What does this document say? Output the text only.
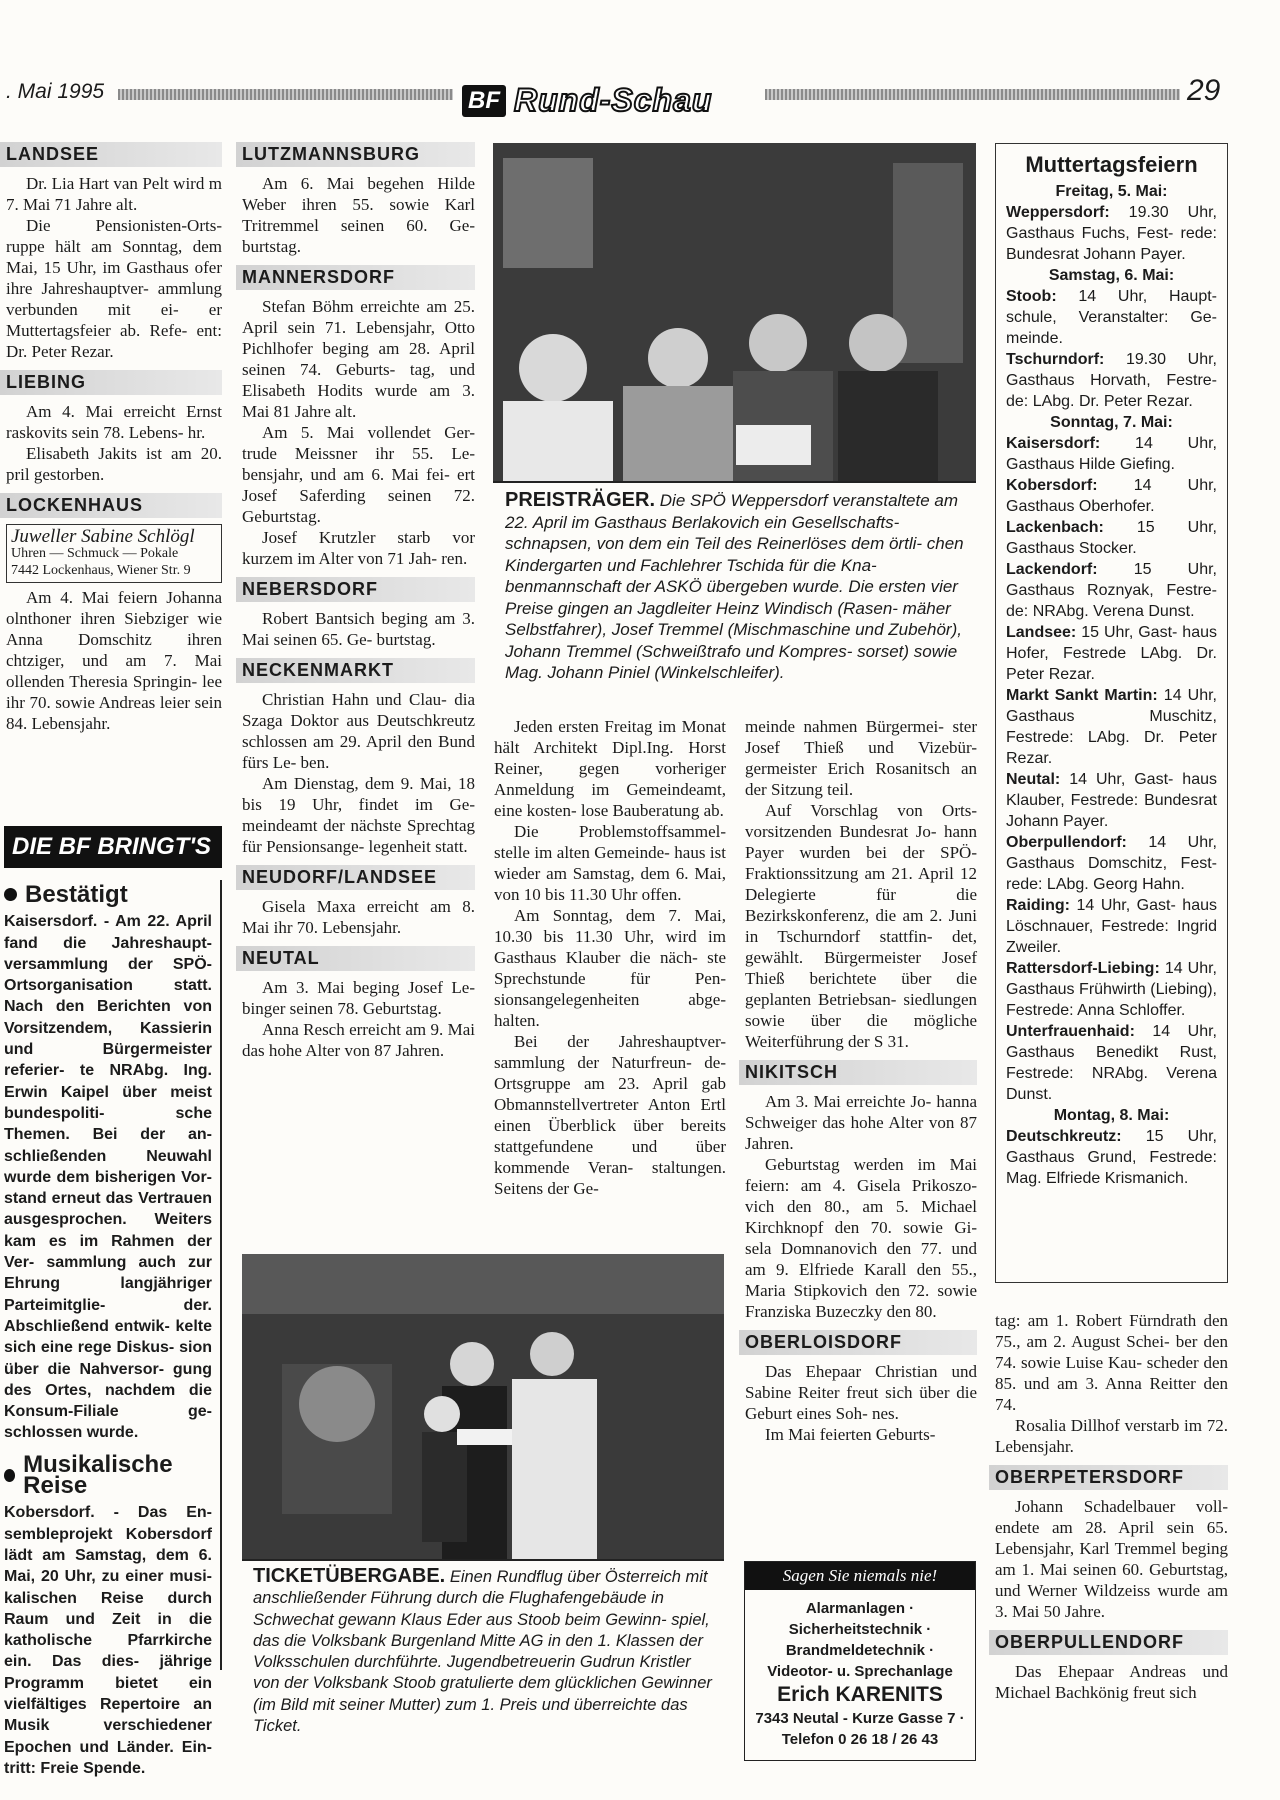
. Mai 1995	BF Rund-Schau	29
LANDSEE

Dr. Lia Hart van Pelt wird m 7. Mai 71 Jahre alt.

Die Pensionisten-Orts- ruppe hält am Sonntag, dem Mai, 15 Uhr, im Gasthaus ofer ihre Jahreshauptver- ammlung verbunden mit ei- er Muttertagsfeier ab. Refe- ent: Dr. Peter Rezar.

LIEBING

Am 4. Mai erreicht Ernst raskovits sein 78. Lebens- hr.

Elisabeth Jakits ist am 20. pril gestorben.

LOCKENHAUS
Juweller Sabine Schlögl
Uhren — Schmuck — Pokale
7442 Lockenhaus, Wiener Str. 9

Am 4. Mai feiern Johanna olnthoner ihren Siebziger wie Anna Domschitz ihren chtziger, und am 7. Mai ollenden Theresia Springin- lee ihr 70. sowie Andreas leier sein 84. Lebensjahr.

DIE BF BRINGT'S
Bestätigt

Kaisersdorf. - Am 22. April fand die Jahreshaupt- versammlung der SPÖ- Ortsorganisation statt. Nach den Berichten von Vorsitzendem, Kassierin und Bürgermeister referier- te NRAbg. Ing. Erwin Kaipel über meist bundespoliti- sche Themen. Bei der an- schließenden Neuwahl wurde dem bisherigen Vor- stand erneut das Vertrauen ausgesprochen. Weiters kam es im Rahmen der Ver- sammlung auch zur Ehrung langjähriger Parteimitglie- der. Abschließend entwik- kelte sich eine rege Diskus- sion über die Nahversor- gung des Ortes, nachdem die Konsum-Filiale ge- schlossen wurde.

Musikalische Reise

Kobersdorf. - Das En- sembleprojekt Kobersdorf lädt am Samstag, dem 6. Mai, 20 Uhr, zu einer musi- kalischen Reise durch Raum und Zeit in die katholische Pfarrkirche ein. Das dies- jährige Programm bietet ein vielfältiges Repertoire an Musik verschiedener Epochen und Länder. Ein- tritt: Freie Spende.

LUTZMANNSBURG

Am 6. Mai begehen Hilde Weber ihren 55. sowie Karl Tritremmel seinen 60. Ge- burtstag.

MANNERSDORF

Stefan Böhm erreichte am 25. April sein 71. Lebensjahr, Otto Pichlhofer beging am 28. April seinen 74. Geburts- tag, und Elisabeth Hodits wurde am 3. Mai 81 Jahre alt.

Am 5. Mai vollendet Ger- trude Meissner ihr 55. Le- bensjahr, und am 6. Mai fei- ert Josef Saferding seinen 72. Geburtstag.

Josef Krutzler starb vor kurzem im Alter von 71 Jah- ren.

NEBERSDORF

Robert Bantsich beging am 3. Mai seinen 65. Ge- burtstag.

NECKENMARKT

Christian Hahn und Clau- dia Szaga Doktor aus Deutschkreutz schlossen am 29. April den Bund fürs Le- ben.

Am Dienstag, dem 9. Mai, 18 bis 19 Uhr, findet im Ge- meindeamt der nächste Sprechtag für Pensionsange- legenheit statt.

NEUDORF/LANDSEE

Gisela Maxa erreicht am 8. Mai ihr 70. Lebensjahr.

NEUTAL

Am 3. Mai beging Josef Le- binger seinen 78. Geburtstag.

Anna Resch erreicht am 9. Mai das hohe Alter von 87 Jahren.

PREISTRÄGER. Die SPÖ Weppersdorf veranstaltete am 22. April im Gasthaus Berlakovich ein Gesellschafts- schnapsen, von dem ein Teil des Reinerlöses dem örtli- chen Kindergarten und Fachlehrer Tschida für die Kna- benmannschaft der ASKÖ übergeben wurde. Die ersten vier Preise gingen an Jagdleiter Heinz Windisch (Rasen- mäher Selbstfahrer), Josef Tremmel (Mischmaschine und Zubehör), Johann Tremmel (Schweißtrafo und Kompres- sorset) sowie Mag. Johann Piniel (Winkelschleifer).

Jeden ersten Freitag im Monat hält Architekt Dipl.Ing. Horst Reiner, gegen vorheriger Anmeldung im Gemeindeamt, eine kosten- lose Bauberatung ab.

Die Problemstoffsammel- stelle im alten Gemeinde- haus ist wieder am Samstag, dem 6. Mai, von 10 bis 11.30 Uhr offen.

Am Sonntag, dem 7. Mai, 10.30 bis 11.30 Uhr, wird im Gasthaus Klauber die näch- ste Sprechstunde für Pen- sionsangelegenheiten abge- halten.

Bei der Jahreshauptver- sammlung der Naturfreun- de-Ortsgruppe am 23. April gab Obmannstellvertreter Anton Ertl einen Überblick über bereits stattgefundene und über kommende Veran- staltungen. Seitens der Ge-

meinde nahmen Bürgermei- ster Josef Thieß und Vizebür- germeister Erich Rosanitsch an der Sitzung teil.

Auf Vorschlag von Orts- vorsitzenden Bundesrat Jo- hann Payer wurden bei der SPÖ-Fraktionssitzung am 21. April 12 Delegierte für die Bezirkskonferenz, die am 2. Juni in Tschurndorf stattfin- det, gewählt. Bürgermeister Josef Thieß berichtete über die geplanten Betriebsan- siedlungen sowie über die mögliche Weiterführung der S 31.

NIKITSCH

Am 3. Mai erreichte Jo- hanna Schweiger das hohe Alter von 87 Jahren.

Geburtstag werden im Mai feiern: am 4. Gisela Prikoszo- vich den 80., am 5. Michael Kirchknopf den 70. sowie Gi- sela Domnanovich den 77. und am 9. Elfriede Karall den 55., Maria Stipkovich den 72. sowie Franziska Buzeczky den 80.

OBERLOISDORF

Das Ehepaar Christian und Sabine Reiter freut sich über die Geburt eines Soh- nes.

Im Mai feierten Geburts-

TICKETÜBERGABE. Einen Rundflug über Österreich mit anschließender Führung durch die Flughafengebäude in Schwechat gewann Klaus Eder aus Stoob beim Gewinn- spiel, das die Volksbank Burgenland Mitte AG in den 1. Klassen der Volksschulen durchführte. Jugendbetreuerin Gudrun Kristler von der Volksbank Stoob gratulierte dem glücklichen Gewinner (im Bild mit seiner Mutter) zum 1. Preis und überreichte das Ticket.
Muttertagsfeiern
Freitag, 5. Mai:
Weppersdorf: 19.30 Uhr, Gasthaus Fuchs, Fest- rede: Bundesrat Johann Payer.
Samstag, 6. Mai:
Stoob: 14 Uhr, Haupt- schule, Veranstalter: Ge- meinde.
Tschurndorf: 19.30 Uhr, Gasthaus Horvath, Festre- de: LAbg. Dr. Peter Rezar.
Sonntag, 7. Mai:
Kaisersdorf: 14 Uhr, Gasthaus Hilde Giefing.
Kobersdorf: 14 Uhr, Gasthaus Oberhofer.
Lackenbach: 15 Uhr, Gasthaus Stocker.
Lackendorf: 15 Uhr, Gasthaus Roznyak, Festre- de: NRAbg. Verena Dunst.
Landsee: 15 Uhr, Gast- haus Hofer, Festrede LAbg. Dr. Peter Rezar.
Markt Sankt Martin: 14 Uhr, Gasthaus Muschitz, Festrede: LAbg. Dr. Peter Rezar.
Neutal: 14 Uhr, Gast- haus Klauber, Festrede: Bundesrat Johann Payer.
Oberpullendorf: 14 Uhr, Gasthaus Domschitz, Fest- rede: LAbg. Georg Hahn.
Raiding: 14 Uhr, Gast- haus Löschnauer, Festrede: Ingrid Zweiler.
Rattersdorf-Liebing: 14 Uhr, Gasthaus Frühwirth (Liebing), Festrede: Anna Schloffer.
Unterfrauenhaid: 14 Uhr, Gasthaus Benedikt Rust, Festrede: NRAbg. Verena Dunst.
Montag, 8. Mai:
Deutschkreutz: 15 Uhr, Gasthaus Grund, Festrede: Mag. Elfriede Krismanich.

tag: am 1. Robert Fürndrath den 75., am 2. August Schei- ber den 74. sowie Luise Kau- scheder den 85. und am 3. Anna Reitter den 74.

Rosalia Dillhof verstarb im 72. Lebensjahr.

OBERPETERSDORF

Johann Schadelbauer voll- endete am 28. April sein 65. Lebensjahr, Karl Tremmel beging am 1. Mai seinen 60. Geburtstag, und Werner Wildzeiss wurde am 3. Mai 50 Jahre.

OBERPULLENDORF

Das Ehepaar Andreas und Michael Bachkönig freut sich

Sagen Sie niemals nie!
Alarmanlagen ·
Sicherheitstechnik ·
Brandmeldetechnik ·
Videotor- u. Sprechanlage
Erich KARENITS
7343 Neutal - Kurze Gasse 7 ·
Telefon 0 26 18 / 26 43
